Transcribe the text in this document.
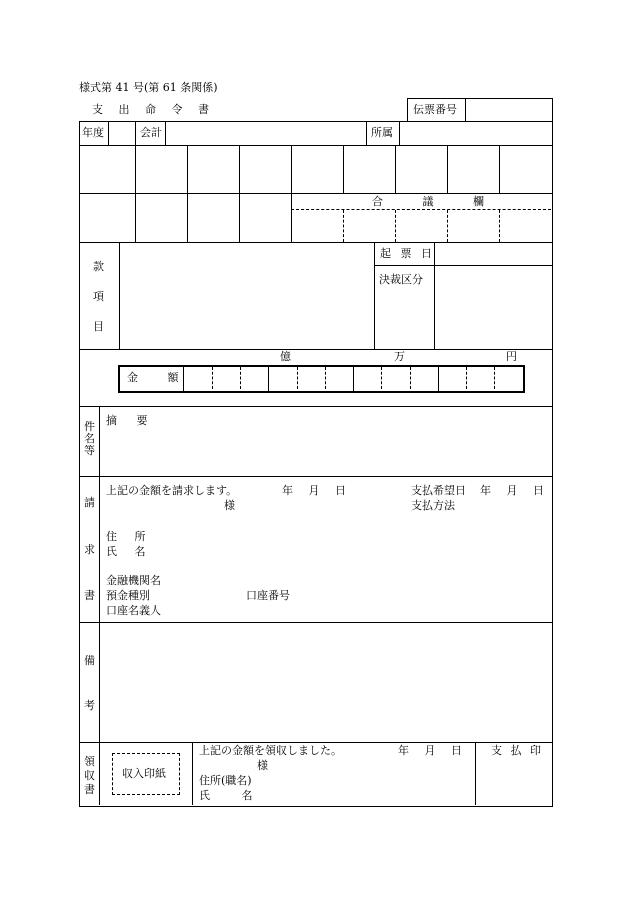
様式第 41 号(第 61 条関係)
支 出 命 令 書	伝票番号
年度	会計	所属
合 議 欄
款
項
目
起 票 日
決裁区分
億	万	円
金 額
件名等
摘 要
請
求
書
上記の金額を請求します。	年 月 日
様
支払希望日 年 月 日
支払方法
住 所
氏 名
金融機関名
預金種別	口座番号
口座名義人
備
考
領
収
書
収入印紙
上記の金額を領収しました。	年 月 日
様
住所(職名)
氏 名
支 払 印
